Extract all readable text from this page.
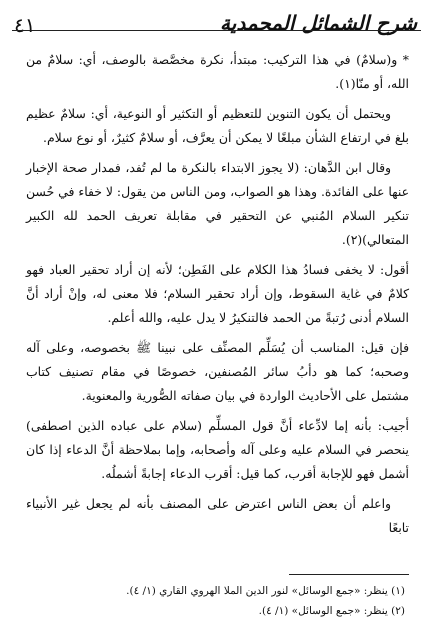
٤١	شرح الشمائل المحمدية

* و(سلامٌ) في هذا التركيب: مبتدأ، نكرة مخصَّصة بالوصف، أي: سلامٌ من الله، أو منّا(١).

ويحتمل أن يكون التنوين للتعظيم أو التكثير أو النوعية، أي: سلامٌ عظيم بلغ في ارتفاع الشأن مبلغًا لا يمكن أن يعرَّف، أو سلامٌ كثيرٌ، أو نوع سلام.

وقال ابن الدَّهان: (لا يجوز الابتداء بالنكرة ما لم تُفد، فمدار صحة الإخبار عنها على الفائدة. وهذا هو الصواب، ومن الناس من يقول: لا خفاء في حُسن تنكير السلام المُنبي عن التحقير في مقابلة تعريف الحمد لله الكبير المتعالي)(٢).

أقول: لا يخفى فسادُ هذا الكلام على الفَطِن؛ لأنه إن أراد تحقير العباد فهو كلامٌ في غاية السقوط، وإن أراد تحقير السلام؛ فلا معنى له، وإنْ أراد أنَّ السلام أدنى رُتبةً من الحمد فالتنكيرُ لا يدل عليه، والله أعلم.

فإن قيل: المناسب أن يُسَلِّم المصنِّف على نبينا ﷺ بخصوصه، وعلى آله وصحبه؛ كما هو دأبُ سائر المُصنفين، خصوصًا في مقام تصنيف كتاب مشتمل على الأحاديث الواردة في بيان صفاته الصُّورية والمعنوية.

أجيب: بأنه إما لادِّعاء أنَّ قول المسلِّم (سلام على عباده الذين اصطفى) ينحصر في السلام عليه وعلى آله وأصحابه، وإما بملاحظة أنَّ الدعاء إذا كان أشمل فهو للإجابة أقرب، كما قيل: أقرب الدعاء إجابةً أشملُه.

واعلم أن بعض الناس اعترض على المصنف بأنه لم يجعل غير الأنبياء تابعًا

(١) ينظر: «جمع الوسائل» لنور الدين الملا الهروي القاري (١/ ٤).

(٢) ينظر: «جمع الوسائل» (١/ ٤).
